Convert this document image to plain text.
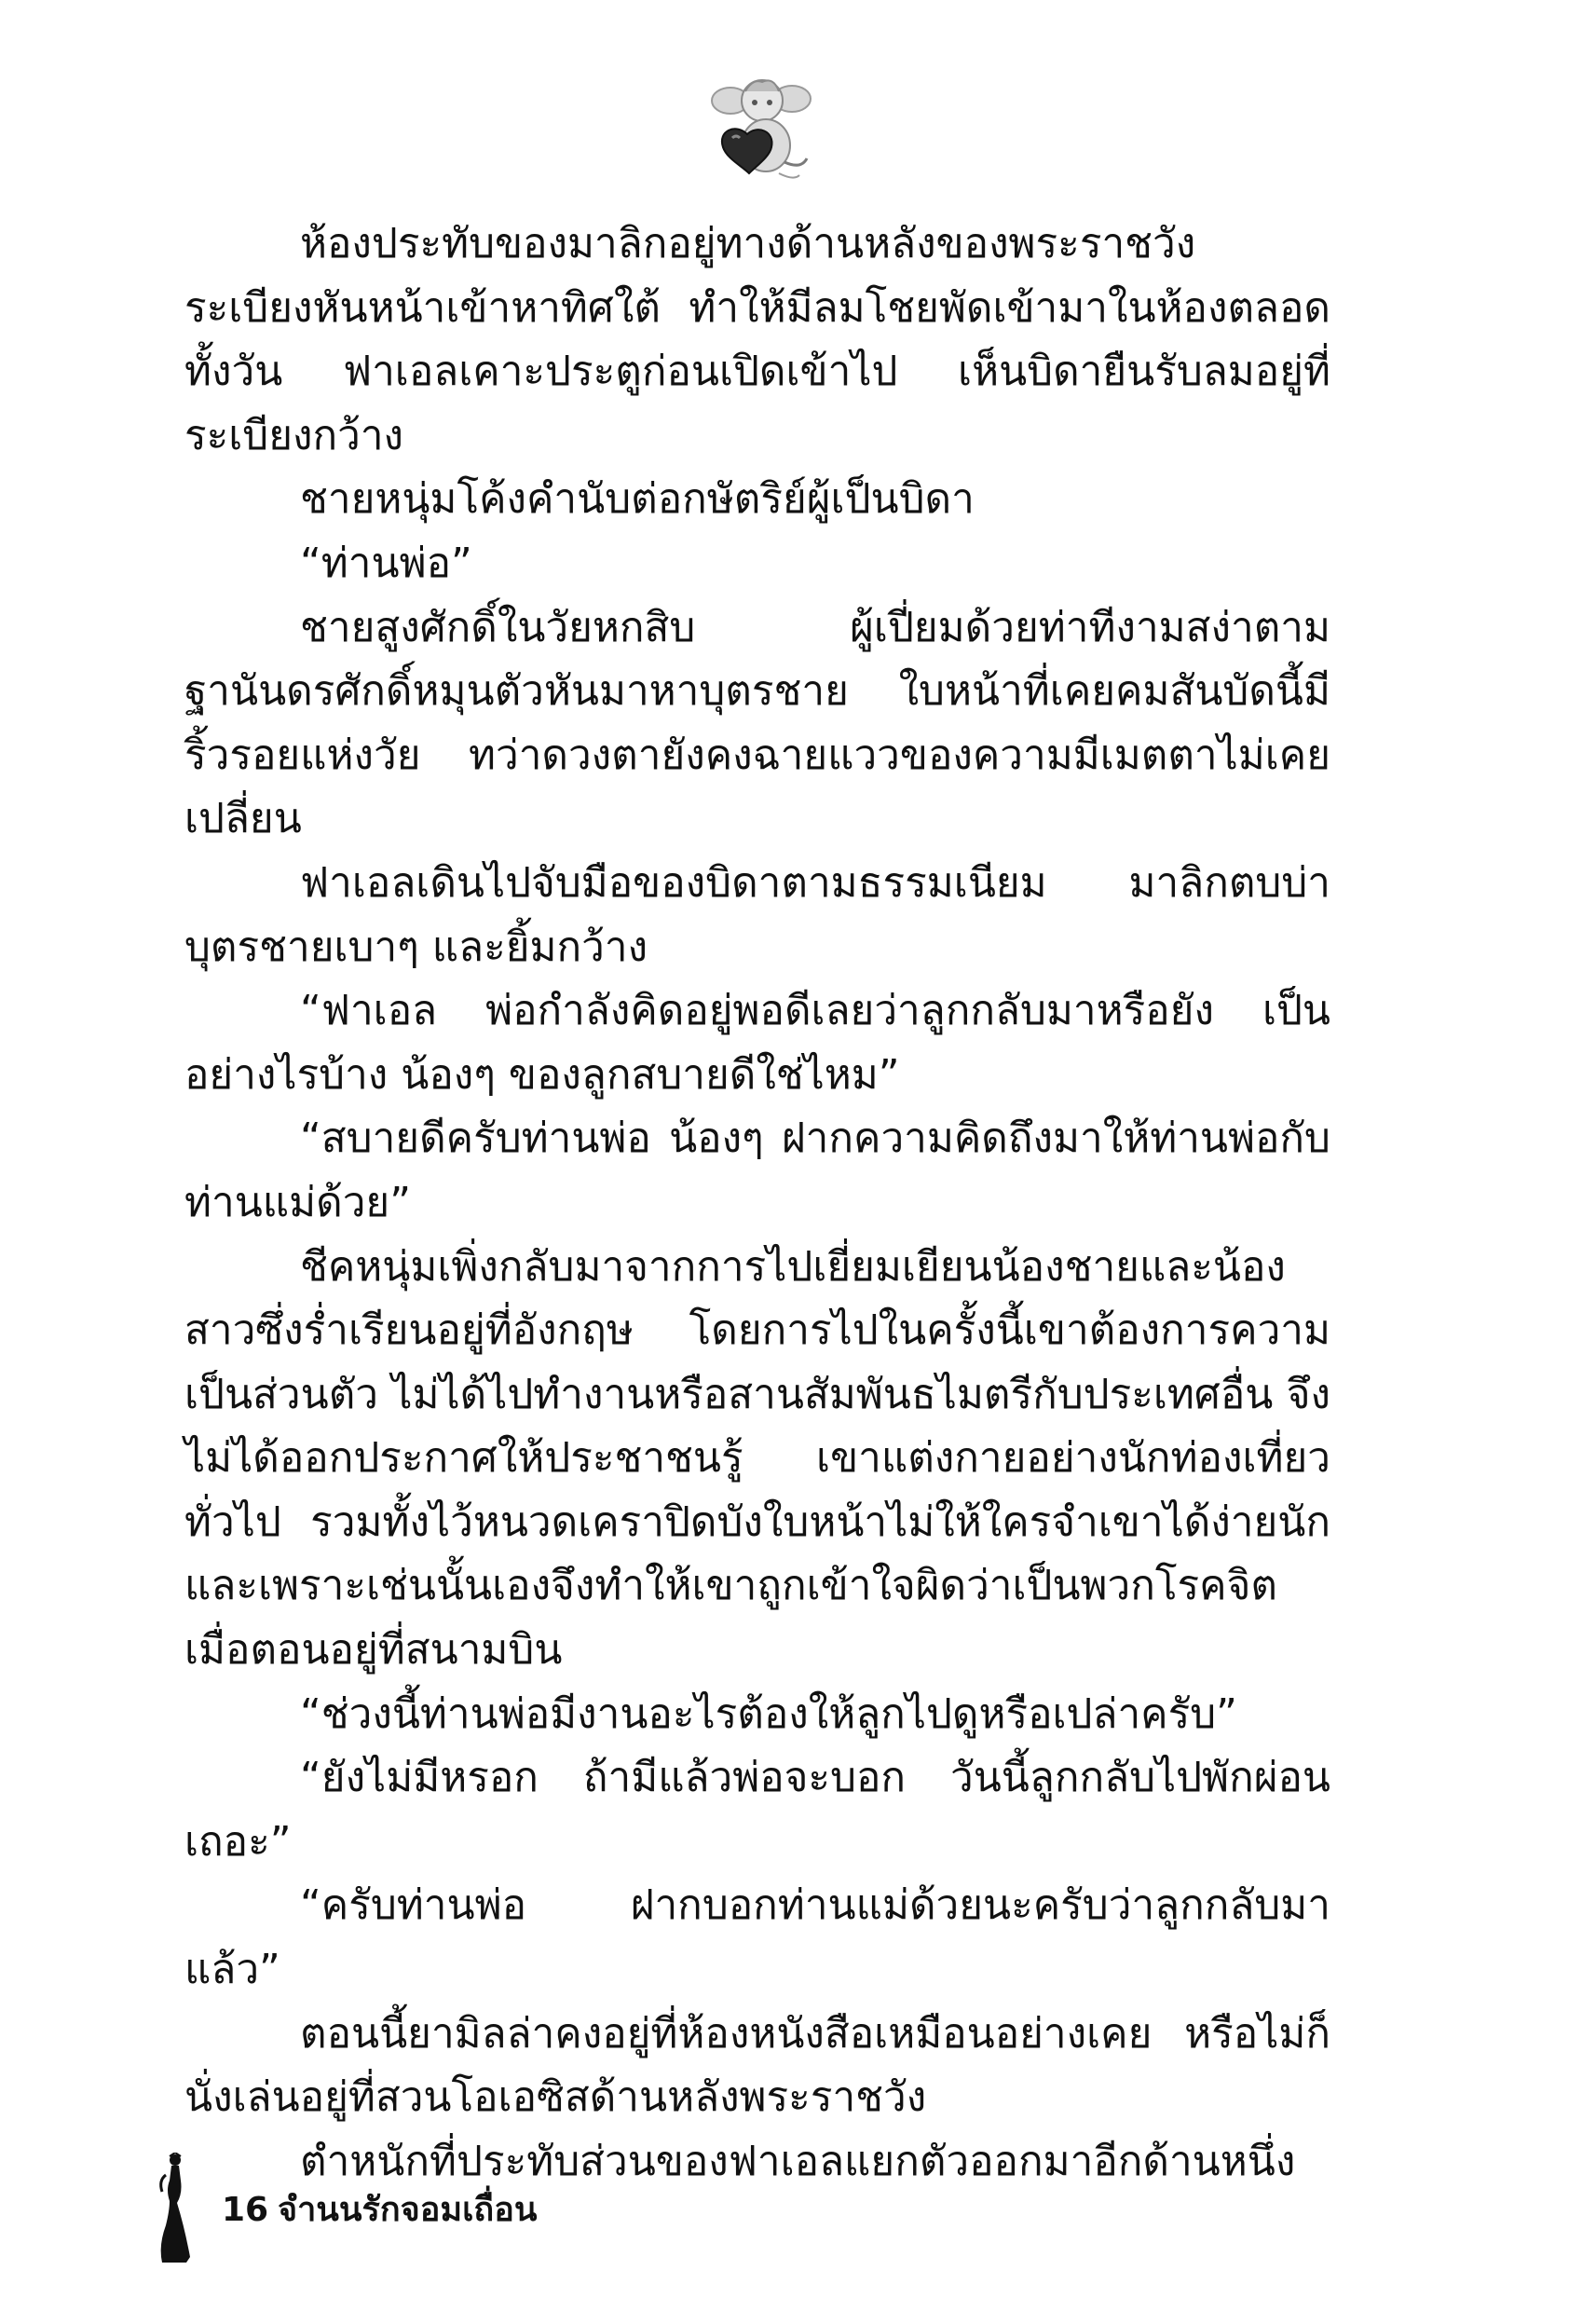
ห้องประทับของมาลิกอยู่ทางด้านหลังของพระราชวัง ระเบียงหันหน้าเข้าหาทิศใต้ ทำให้มีลมโชยพัดเข้ามาในห้องตลอดทั้งวัน ฟาเอลเคาะประตูก่อนเปิดเข้าไป เห็นบิดายืนรับลมอยู่ที่ระเบียงกว้าง

ชายหนุ่มโค้งคำนับต่อกษัตริย์ผู้เป็นบิดา

“ท่านพ่อ”

ชายสูงศักดิ์ในวัยหกสิบ ผู้เปี่ยมด้วยท่าทีงามสง่าตามฐานันดรศักดิ์หมุนตัวหันมาหาบุตรชาย ใบหน้าที่เคยคมสันบัดนี้มีริ้วรอยแห่งวัย ทว่าดวงตายังคงฉายแววของความมีเมตตาไม่เคยเปลี่ยน

ฟาเอลเดินไปจับมือของบิดาตามธรรมเนียม มาลิกตบบ่าบุตรชายเบาๆ และยิ้มกว้าง

“ฟาเอล พ่อกำลังคิดอยู่พอดีเลยว่าลูกกลับมาหรือยัง เป็นอย่างไรบ้าง น้องๆ ของลูกสบายดีใช่ไหม”

“สบายดีครับท่านพ่อ น้องๆ ฝากความคิดถึงมาให้ท่านพ่อกับท่านแม่ด้วย”

ชีคหนุ่มเพิ่งกลับมาจากการไปเยี่ยมเยียนน้องชายและน้องสาวซึ่งร่ำเรียนอยู่ที่อังกฤษ โดยการไปในครั้งนี้เขาต้องการความเป็นส่วนตัว ไม่ได้ไปทำงานหรือสานสัมพันธไมตรีกับประเทศอื่น จึงไม่ได้ออกประกาศให้ประชาชนรู้ เขาแต่งกายอย่างนักท่องเที่ยวทั่วไป รวมทั้งไว้หนวดเคราปิดบังใบหน้าไม่ให้ใครจำเขาได้ง่ายนัก และเพราะเช่นนั้นเองจึงทำให้เขาถูกเข้าใจผิดว่าเป็นพวกโรคจิตเมื่อตอนอยู่ที่สนามบิน

“ช่วงนี้ท่านพ่อมีงานอะไรต้องให้ลูกไปดูหรือเปล่าครับ”

“ยังไม่มีหรอก ถ้ามีแล้วพ่อจะบอก วันนี้ลูกกลับไปพักผ่อนเถอะ”

“ครับท่านพ่อ ฝากบอกท่านแม่ด้วยนะครับว่าลูกกลับมาแล้ว”

ตอนนี้ยามิลล่าคงอยู่ที่ห้องหนังสือเหมือนอย่างเคย หรือไม่ก็นั่งเล่นอยู่ที่สวนโอเอซิสด้านหลังพระราชวัง

ตำหนักที่ประทับส่วนของฟาเอลแยกตัวออกมาอีกด้านหนึ่ง

16 จำนนรักจอมเถื่อน
